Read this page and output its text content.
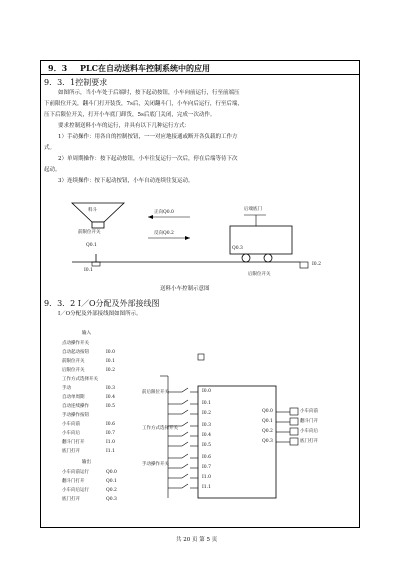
9．3 PLC在自动送料车控制系统中的应用
9．3．1控制要求
如图所示，当小车处于后端时，按下起动按钮，小车向前运行，行至前端压
下前限位开关，翻斗门打开装货，7s后，关闭翻斗门，小车向后运行，行至后端，
压下后限位开关，打开小车底门卸货，5s后底门关闭，完成一次动作。
要求控制送料小车的运行，并具有以下几种运行方式：
1）手动操作：用各自的控制按钮，一一对应地接通或断开各负载的工作方
式。
2）单周期操作：按下起动按钮，小车往复运行一次后，停在后端等待下次
起动。
3）连续操作：按下起动按钮，小车自动连续往复运动。
料斗
Q0.1
前限位开关
I0.1
正向Q0.0
反向Q0.2
后端底门
Q0.3
后限位开关
I0.2
送料小车控制示意图
9．3．2 I／O分配及外部接线图
I／O分配及外部接线图如图所示。
输入
点动操作开关
自动起动按钮	I0.0
前限位开关	I0.1
后限位开关	I0.2
工作方式选择开关
手动	I0.3
自动单周期	I0.4
自动连续操作	I0.5
手动操作按钮
小车向前	I0.6
小车向后	I0.7
翻斗门打开	I1.0
底门打开	I1.1
输出
小车向前运行	Q0.0
翻斗门打开	Q0.1
小车向后运行	Q0.2
底门打开	Q0.3
前后限位开关
工作方式选择开关
手动操作开关
I0.0
I0.1
I0.2
I0.3
I0.4
I0.5
I0.6
I0.7
I1.0
I1.1
Q0.0
Q0.1
Q0.2
Q0.3
小车向前
翻斗门开
小车向后
底门打开
共 20 页 第 5 页
